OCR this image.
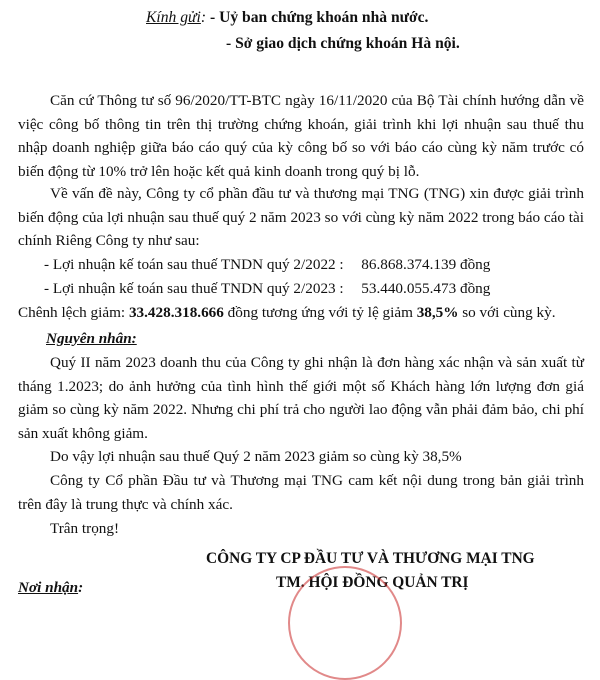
Kính gửi: - Uỷ ban chứng khoán nhà nước.
- Sở giao dịch chứng khoán Hà nội.
Căn cứ Thông tư số 96/2020/TT-BTC ngày 16/11/2020 của Bộ Tài chính hướng dẫn về việc công bố thông tin trên thị trường chứng khoán, giải trình khi lợi nhuận sau thuế thu nhập doanh nghiệp giữa báo cáo quý của kỳ công bố so với báo cáo cùng kỳ năm trước có biến động từ 10% trở lên hoặc kết quả kinh doanh trong quý bị lỗ.
Về vấn đề này, Công ty cổ phần đầu tư và thương mại TNG (TNG) xin được giải trình biến động của lợi nhuận sau thuế quý 2 năm 2023 so với cùng kỳ năm 2022 trong báo cáo tài chính Riêng Công ty như sau:
- Lợi nhuận kế toán sau thuế TNDN quý 2/2022 : 86.868.374.139 đồng
- Lợi nhuận kế toán sau thuế TNDN quý 2/2023 : 53.440.055.473 đồng
Chênh lệch giảm: 33.428.318.666 đồng tương ứng với tỷ lệ giảm 38,5% so với cùng kỳ.
Nguyên nhân:
Quý II năm 2023 doanh thu của Công ty ghi nhận là đơn hàng xác nhận và sản xuất từ tháng 1.2023; do ảnh hưởng của tình hình thế giới một số Khách hàng lớn lượng đơn giá giảm so cùng kỳ năm 2022. Nhưng chi phí trả cho người lao động vẫn phải đảm bảo, chi phí sản xuất không giảm.
Do vậy lợi nhuận sau thuế Quý 2 năm 2023 giảm so cùng kỳ 38,5%
Công ty Cổ phần Đầu tư và Thương mại TNG cam kết nội dung trong bản giải trình trên đây là trung thực và chính xác.
Trân trọng!
CÔNG TY CP ĐẦU TƯ VÀ THƯƠNG MẠI TNG
TM. HỘI ĐỒNG QUẢN TRỊ
Nơi nhận:
